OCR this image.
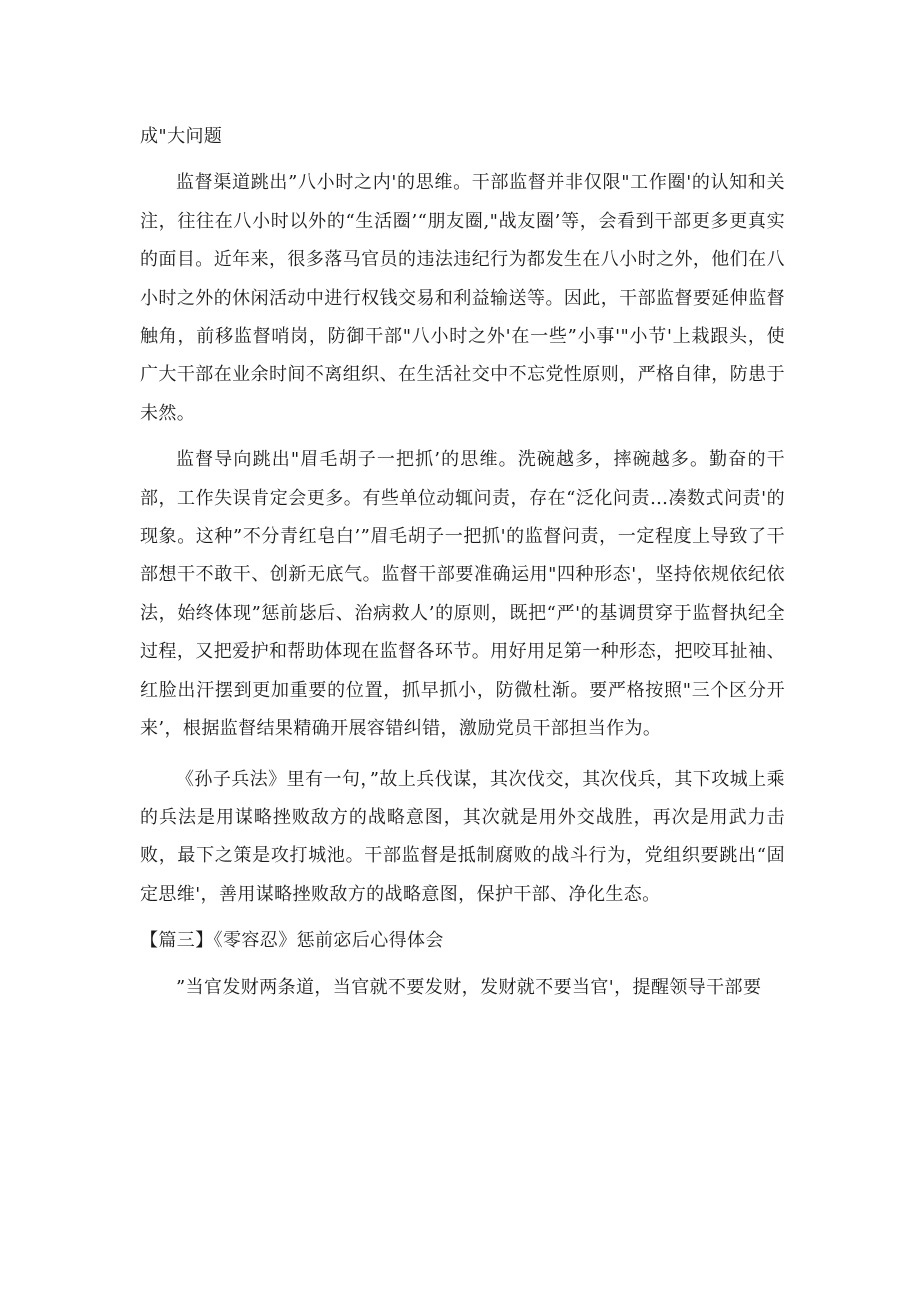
成"大问题

监督渠道跳出”八小时之内'的思维。干部监督并非仅限"工作圈'的认知和关注，往往在八小时以外的“生活圈’“朋友圈,"战友圈’等，会看到干部更多更真实的面目。近年来，很多落马官员的违法违纪行为都发生在八小时之外，他们在八小时之外的休闲活动中进行权钱交易和利益输送等。因此，干部监督要延伸监督触角，前移监督哨岗，防御干部"八小时之外'在一些”小事'"小节'上栽跟头，使广大干部在业余时间不离组织、在生活社交中不忘党性原则，严格自律，防患于未然。

监督导向跳出"眉毛胡子一把抓’的思维。洗碗越多，摔碗越多。勤奋的干部，工作失误肯定会更多。有些单位动辄问责，存在“泛化问责…凑数式问责'的现象。这种”不分青红皂白’”眉毛胡子一把抓'的监督问责，一定程度上导致了干部想干不敢干、创新无底气。监督干部要准确运用"四种形态'，坚持依规依纪依法，始终体现”惩前毖后、治病救人’的原则，既把“严'的基调贯穿于监督执纪全过程，又把爱护和帮助体现在监督各环节。用好用足第一种形态，把咬耳扯袖、红脸出汗摆到更加重要的位置，抓早抓小，防微杜渐。要严格按照"三个区分开来’，根据监督结果精确开展容错纠错，激励党员干部担当作为。

《孙子兵法》里有一句，”故上兵伐谋，其次伐交，其次伐兵，其下攻城上乘的兵法是用谋略挫败敌方的战略意图，其次就是用外交战胜，再次是用武力击败，最下之策是攻打城池。干部监督是抵制腐败的战斗行为，党组织要跳出“固定思维'，善用谋略挫败敌方的战略意图，保护干部、净化生态。

【篇三】《零容忍》惩前宓后心得体会

”当官发财两条道，当官就不要发财，发财就不要当官'，提醒领导干部要
